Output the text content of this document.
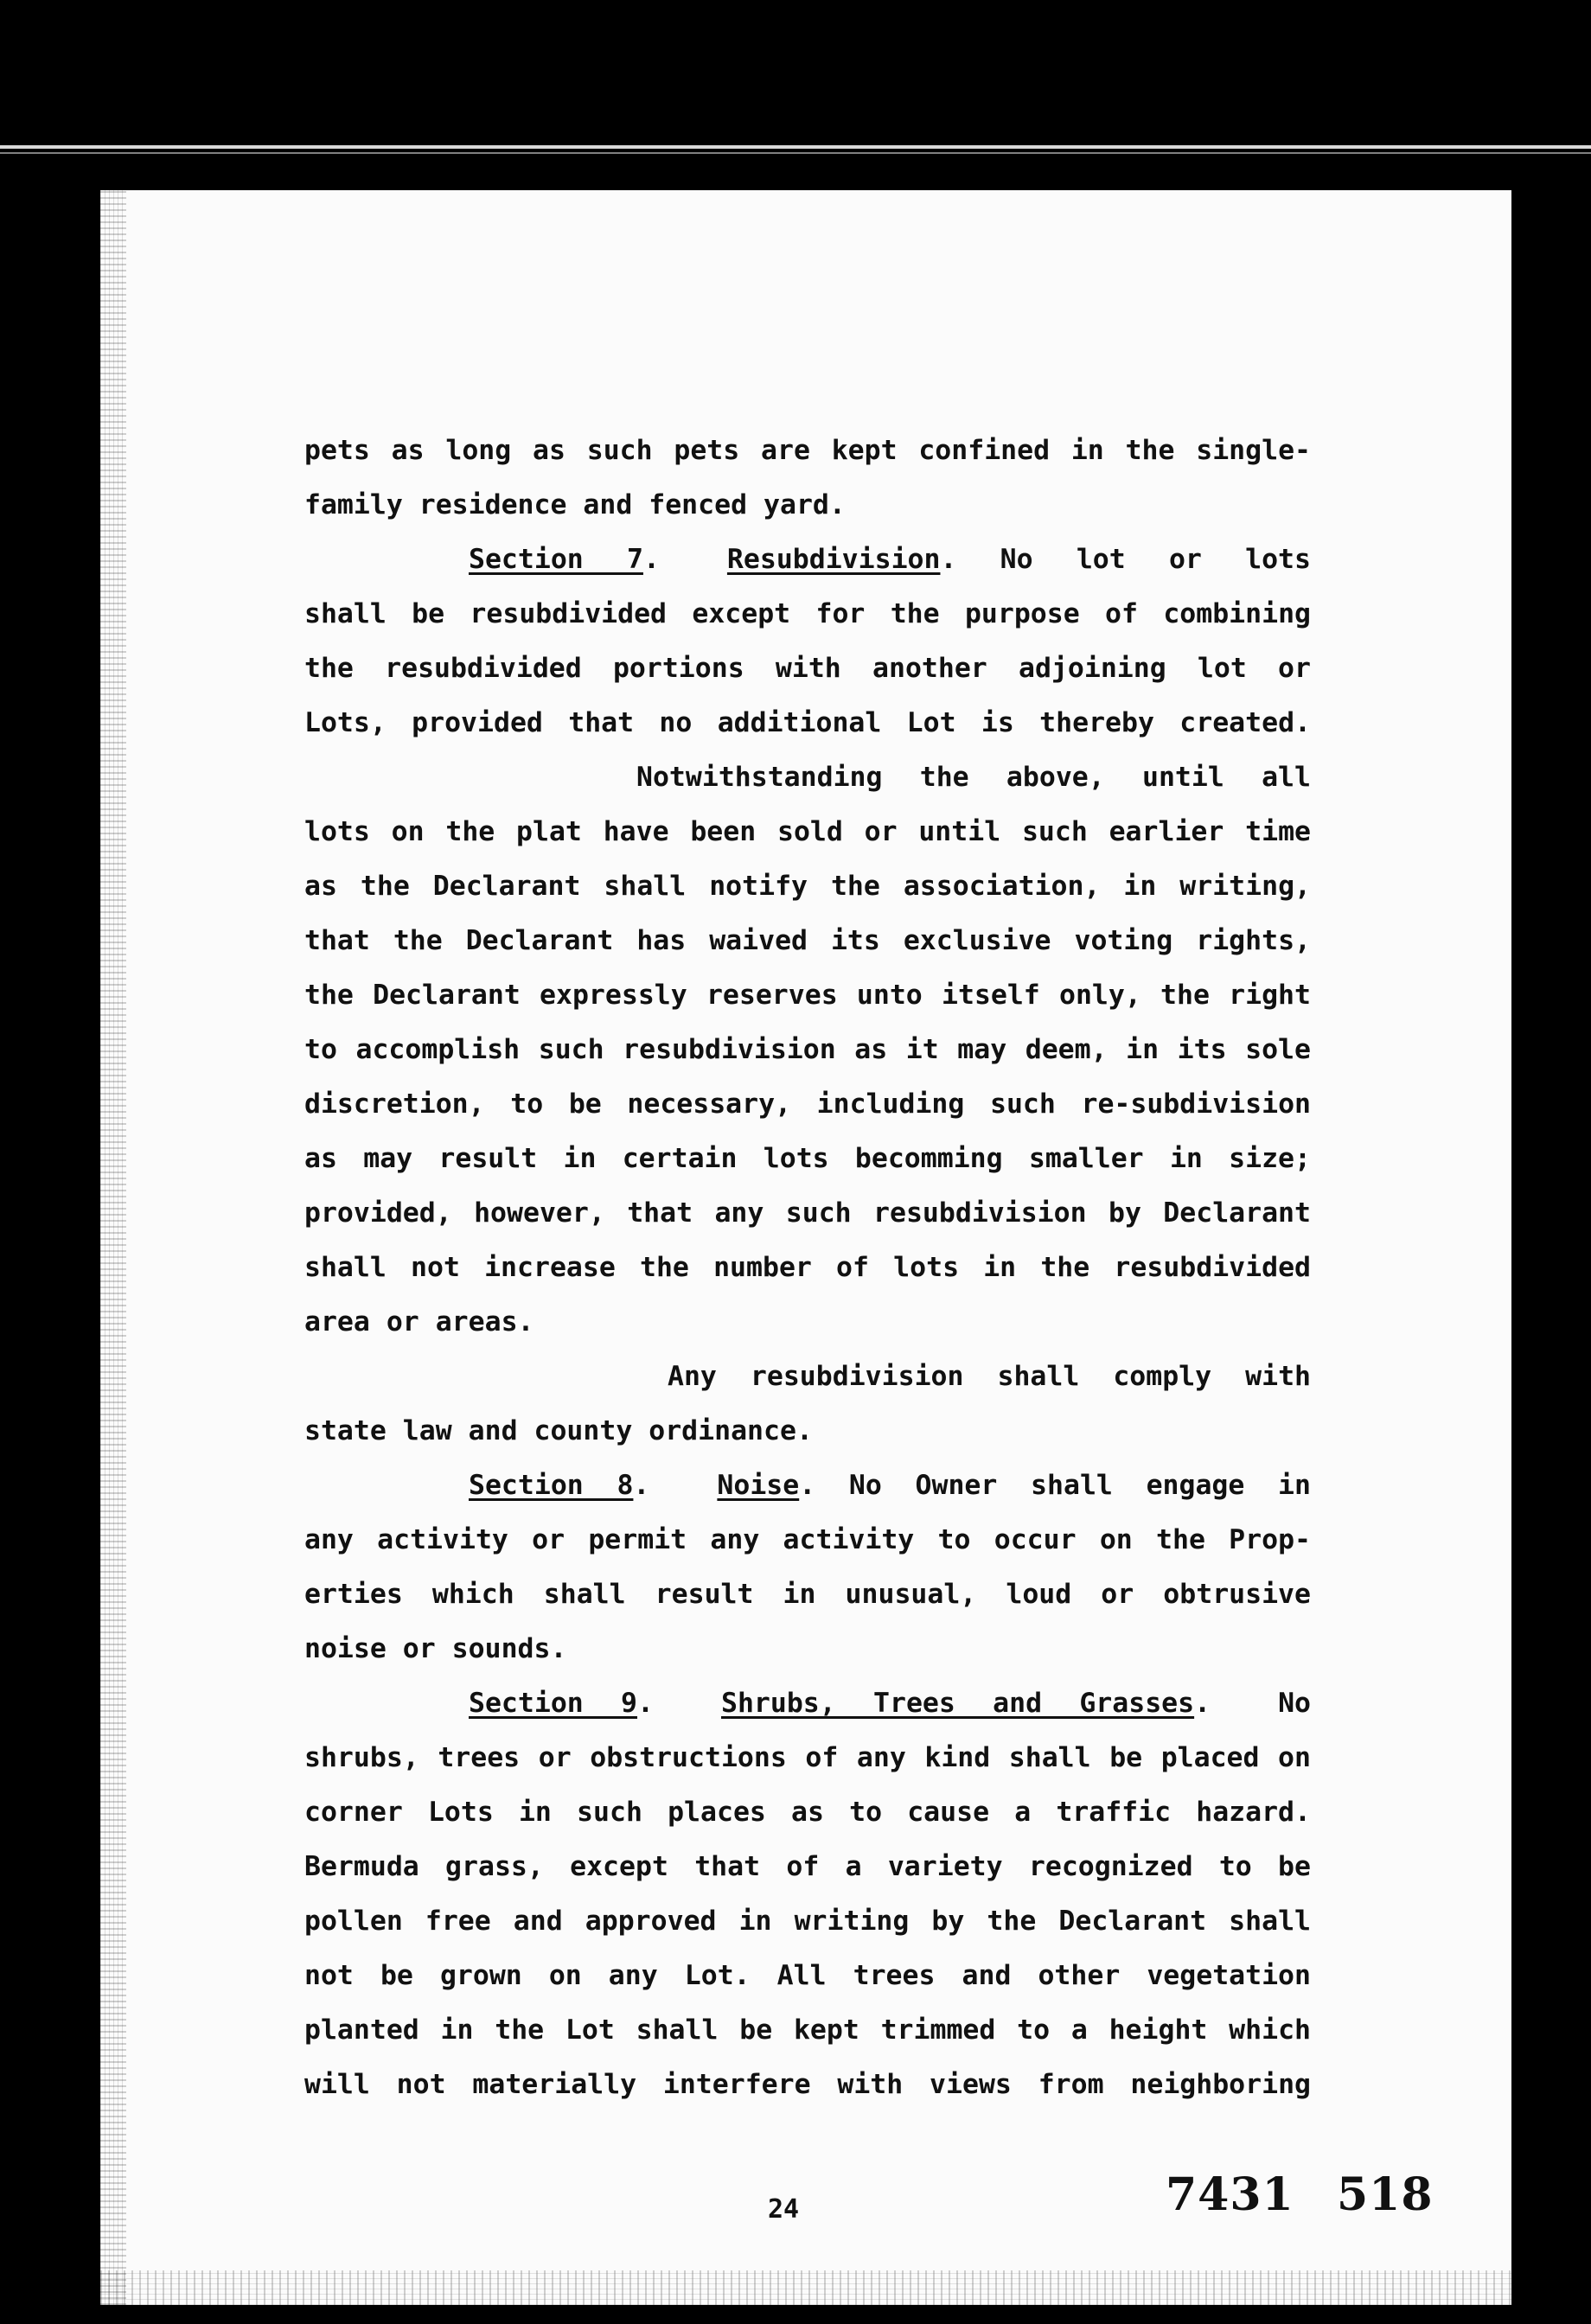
pets as long as such pets are kept confined in the single-
family residence and fenced yard.
Section 7. Resubdivision. No lot or lots
shall be resubdivided except for the purpose of combining
the resubdivided portions with another adjoining lot or
Lots, provided that no additional Lot is thereby created.
Notwithstanding the above, until all
lots on the plat have been sold or until such earlier time
as the Declarant shall notify the association, in writing,
that the Declarant has waived its exclusive voting rights,
the Declarant expressly reserves unto itself only, the right
to accomplish such resubdivision as it may deem, in its sole
discretion, to be necessary, including such re-subdivision
as may result in certain lots becomming smaller in size;
provided, however, that any such resubdivision by Declarant
shall not increase the number of lots in the resubdivided
area or areas.
Any resubdivision shall comply with
state law and county ordinance.
Section 8. Noise. No Owner shall engage in
any activity or permit any activity to occur on the Prop-
erties which shall result in unusual, loud or obtrusive
noise or sounds.
Section 9. Shrubs, Trees and Grasses. No
shrubs, trees or obstructions of any kind shall be placed on
corner Lots in such places as to cause a traffic hazard.
Bermuda grass, except that of a variety recognized to be
pollen free and approved in writing by the Declarant shall
not be grown on any Lot. All trees and other vegetation
planted in the Lot shall be kept trimmed to a height which
will not materially interfere with views from neighboring
24	7431 518
